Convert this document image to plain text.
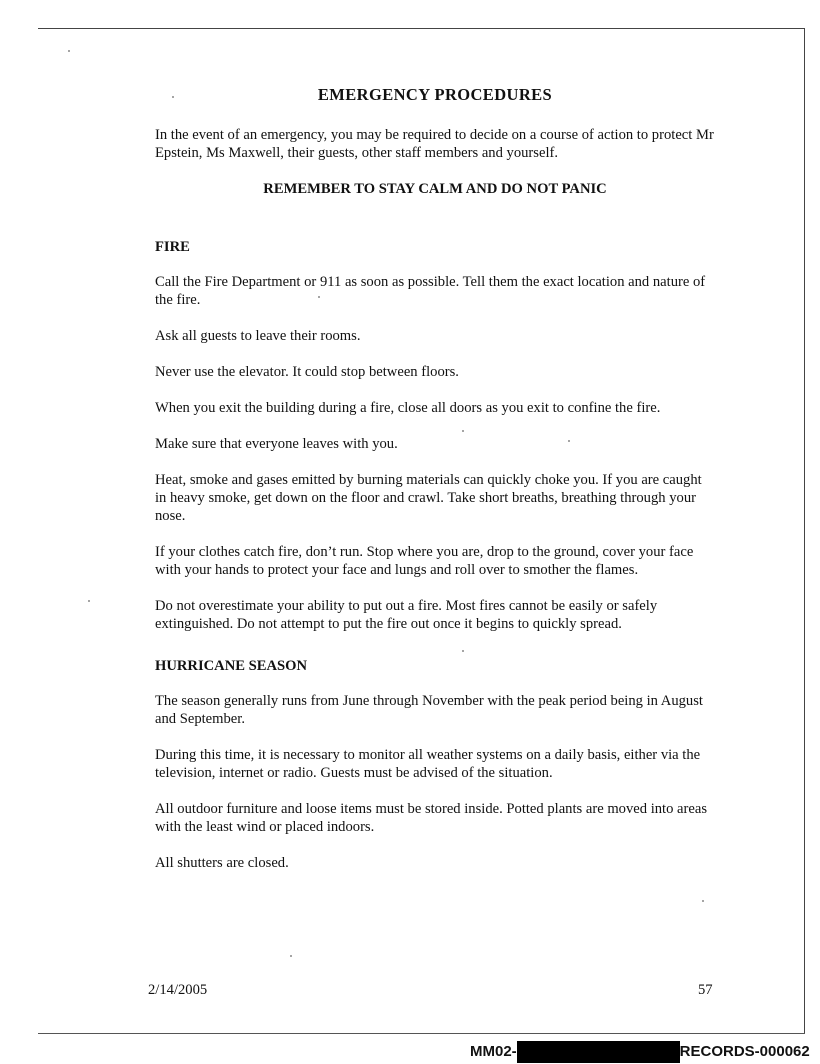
EMERGENCY PROCEDURES

In the event of an emergency, you may be required to decide on a course of action to protect Mr Epstein, Ms Maxwell, their guests, other staff members and yourself.

REMEMBER TO STAY CALM AND DO NOT PANIC

FIRE

Call the Fire Department or 911 as soon as possible. Tell them the exact location and nature of the fire.

Ask all guests to leave their rooms.

Never use the elevator. It could stop between floors.

When you exit the building during a fire, close all doors as you exit to confine the fire.

Make sure that everyone leaves with you.

Heat, smoke and gases emitted by burning materials can quickly choke you. If you are caught in heavy smoke, get down on the floor and crawl. Take short breaths, breathing through your nose.

If your clothes catch fire, don’t run. Stop where you are, drop to the ground, cover your face with your hands to protect your face and lungs and roll over to smother the flames.

Do not overestimate your ability to put out a fire. Most fires cannot be easily or safely extinguished. Do not attempt to put the fire out once it begins to quickly spread.

HURRICANE SEASON

The season generally runs from June through November with the peak period being in August and September.

During this time, it is necessary to monitor all weather systems on a daily basis, either via the television, internet or radio. Guests must be advised of the situation.

All outdoor furniture and loose items must be stored inside. Potted plants are moved into areas with the least wind or placed indoors.

All shutters are closed.

2/14/2005	57
MM02-	RECORDS-000062
